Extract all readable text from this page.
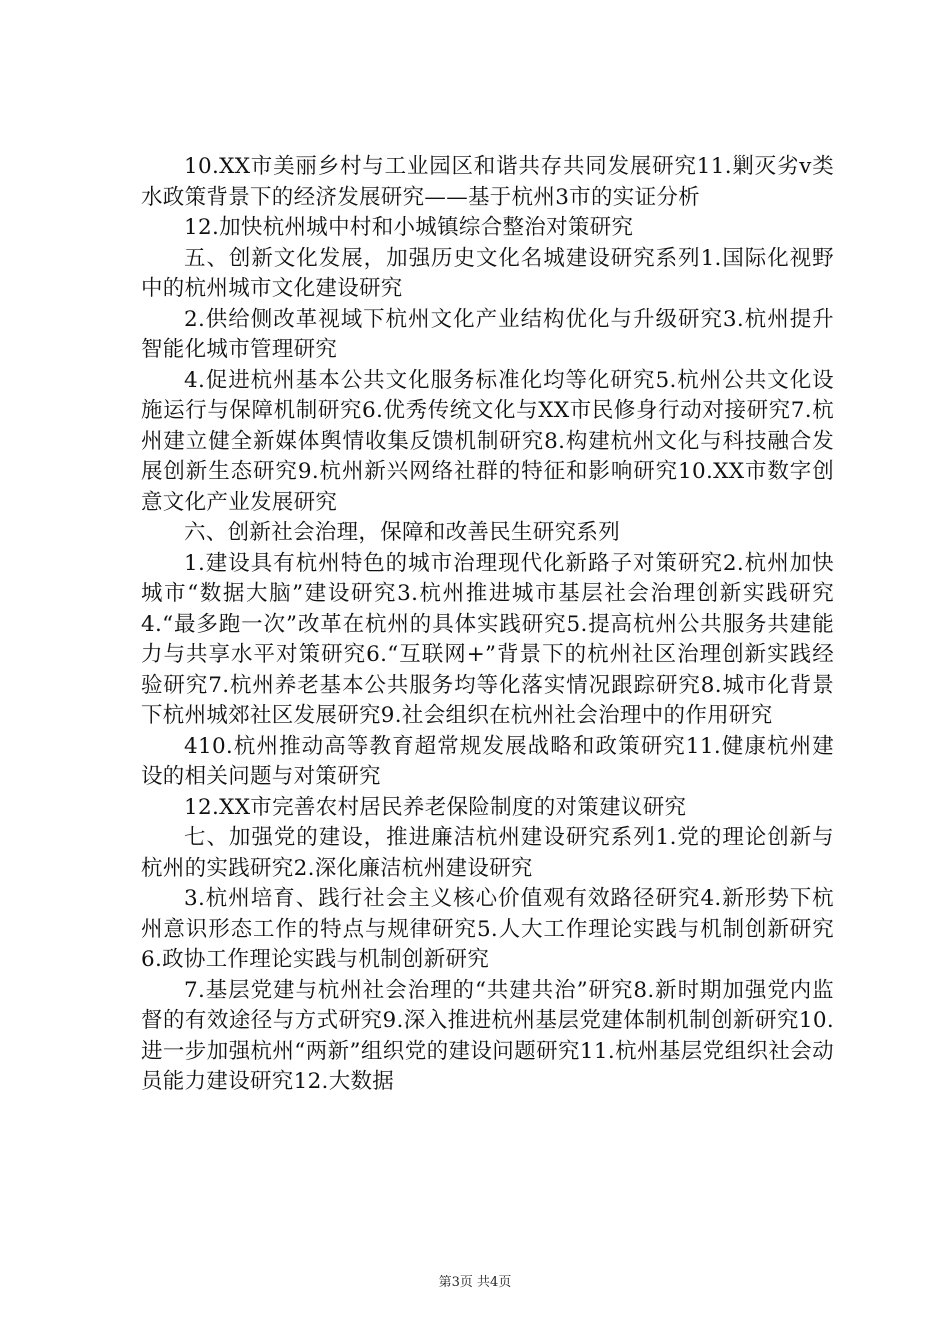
10.XX市美丽乡村与工业园区和谐共存共同发展研究11.剿灭劣v类水政策背景下的经济发展研究——基于杭州3市的实证分析

12.加快杭州城中村和小城镇综合整治对策研究

五、创新文化发展，加强历史文化名城建设研究系列1.国际化视野中的杭州城市文化建设研究

2.供给侧改革视域下杭州文化产业结构优化与升级研究3.杭州提升智能化城市管理研究

4.促进杭州基本公共文化服务标准化均等化研究5.杭州公共文化设施运行与保障机制研究6.优秀传统文化与XX市民修身行动对接研究7.杭州建立健全新媒体舆情收集反馈机制研究8.构建杭州文化与科技融合发展创新生态研究9.杭州新兴网络社群的特征和影响研究10.XX市数字创意文化产业发展研究

六、创新社会治理，保障和改善民生研究系列

1.建设具有杭州特色的城市治理现代化新路子对策研究2.杭州加快城市“数据大脑”建设研究3.杭州推进城市基层社会治理创新实践研究4.“最多跑一次”改革在杭州的具体实践研究5.提高杭州公共服务共建能力与共享水平对策研究6.“互联网+”背景下的杭州社区治理创新实践经验研究7.杭州养老基本公共服务均等化落实情况跟踪研究8.城市化背景下杭州城郊社区发展研究9.社会组织在杭州社会治理中的作用研究

410.杭州推动高等教育超常规发展战略和政策研究11.健康杭州建设的相关问题与对策研究

12.XX市完善农村居民养老保险制度的对策建议研究

七、加强党的建设，推进廉洁杭州建设研究系列1.党的理论创新与杭州的实践研究2.深化廉洁杭州建设研究

3.杭州培育、践行社会主义核心价值观有效路径研究4.新形势下杭州意识形态工作的特点与规律研究5.人大工作理论实践与机制创新研究6.政协工作理论实践与机制创新研究

7.基层党建与杭州社会治理的“共建共治”研究8.新时期加强党内监督的有效途径与方式研究9.深入推进杭州基层党建体制机制创新研究10.进一步加强杭州“两新”组织党的建设问题研究11.杭州基层党组织社会动员能力建设研究12.大数据

第3页 共4页
